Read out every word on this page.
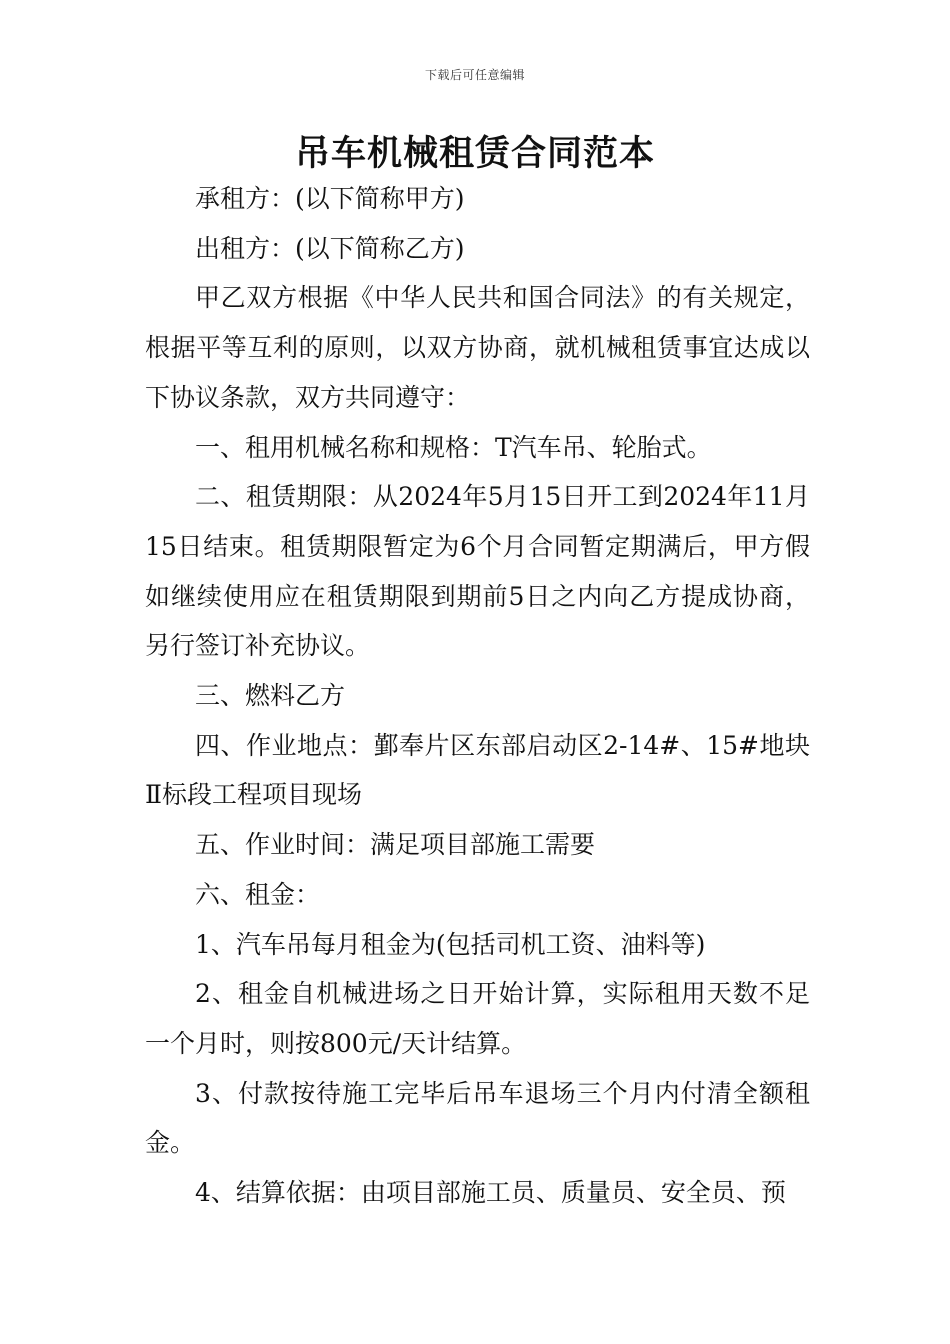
下载后可任意编辑
吊车机械租赁合同范本

承租方：(以下简称甲方)

出租方：(以下简称乙方)

甲乙双方根据《中华人民共和国合同法》的有关规定，根据平等互利的原则，以双方协商，就机械租赁事宜达成以下协议条款，双方共同遵守：

一、租用机械名称和规格：T汽车吊、轮胎式。

二、租赁期限：从2024年5月15日开工到2024年11月15日结束。租赁期限暂定为6个月合同暂定期满后，甲方假如继续使用应在租赁期限到期前5日之内向乙方提成协商，另行签订补充协议。

三、燃料乙方

四、作业地点：鄞奉片区东部启动区2-14#、15#地块Ⅱ标段工程项目现场

五、作业时间：满足项目部施工需要

六、租金：

1、汽车吊每月租金为(包括司机工资、油料等)

2、租金自机械进场之日开始计算，实际租用天数不足一个月时，则按800元/天计结算。

3、付款按待施工完毕后吊车退场三个月内付清全额租金。

4、结算依据：由项目部施工员、质量员、安全员、预
